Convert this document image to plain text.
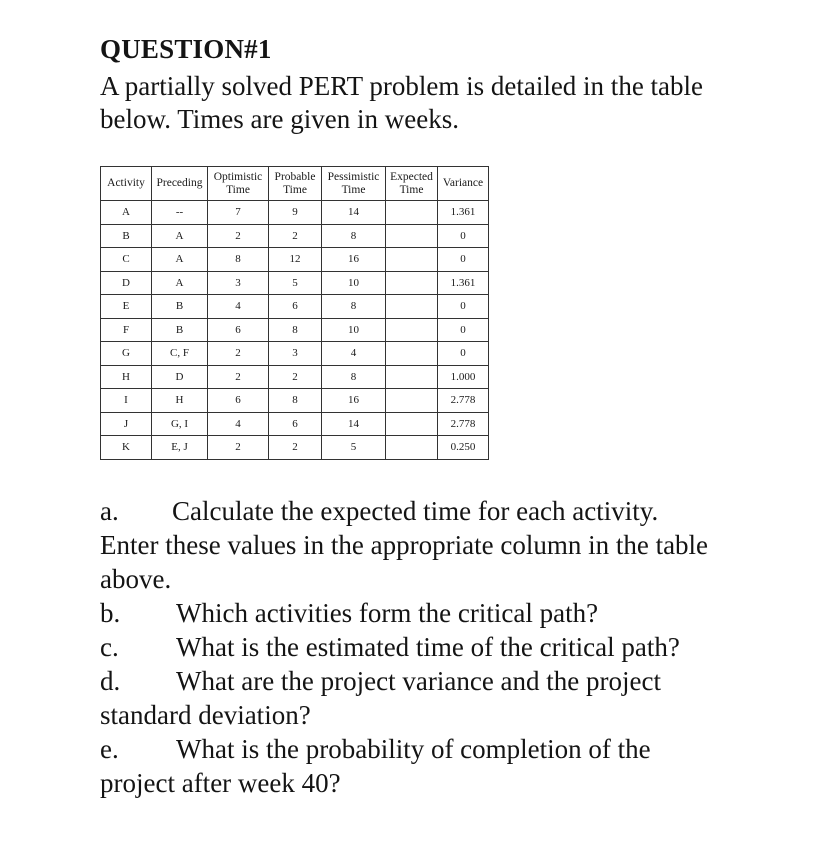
QUESTION#1
A partially solved PERT problem is detailed in the table below. Times are given in weeks.
Activity	Preceding	Optimistic Time	Probable Time	Pessimistic Time	Expected Time	Variance
A	--	7	9	14		1.361
B	A	2	2	8		0
C	A	8	12	16		0
D	A	3	5	10		1.361
E	B	4	6	8		0
F	B	6	8	10		0
G	C, F	2	3	4		0
H	D	2	2	8		1.000
I	H	6	8	16		2.778
J	G, I	4	6	14		2.778
K	E, J	2	2	5		0.250
a. Calculate the expected time for each activity.
Enter these values in the appropriate column in the table
above.
b. Which activities form the critical path?
c. What is the estimated time of the critical path?
d. What are the project variance and the project
standard deviation?
e. What is the probability of completion of the
project after week 40?
